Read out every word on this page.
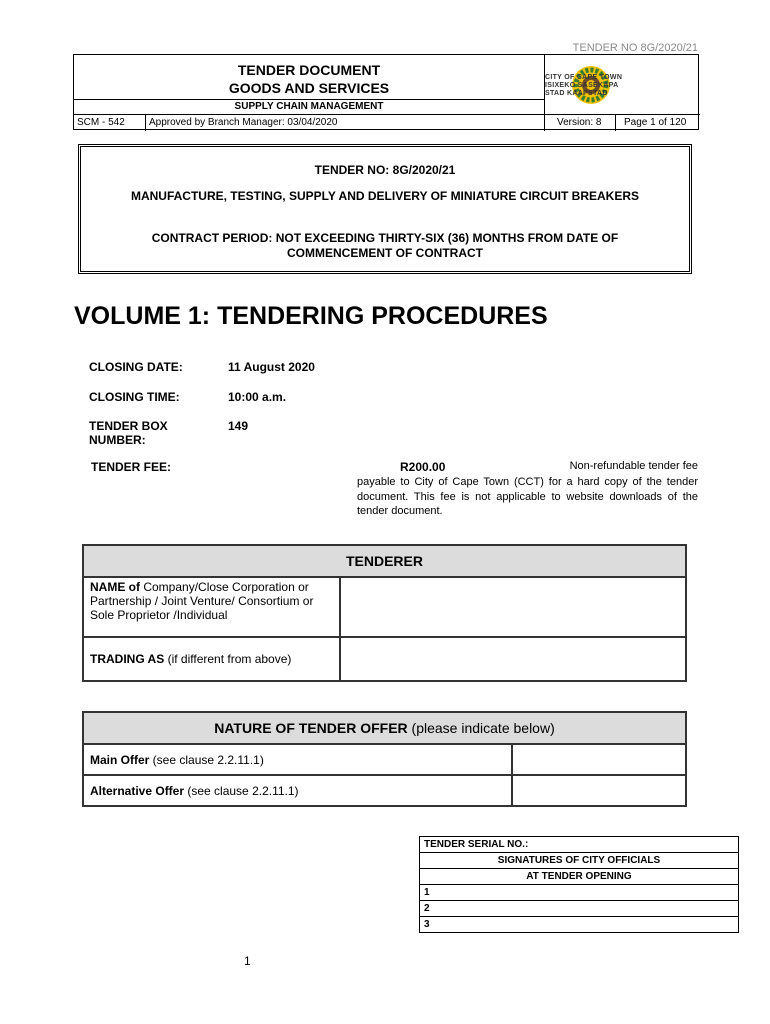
TENDER NO 8G/2020/21
TENDER DOCUMENT
GOODS AND SERVICES
SUPPLY CHAIN MANAGEMENT
SCM - 542	Approved by Branch Manager: 03/04/2020	Version: 8	Page 1 of 120
CITY OF CAPE TOWN
ISIXEKO SASEKAPA
STAD KAAPSTAD
TENDER NO: 8G/2020/21
MANUFACTURE, TESTING, SUPPLY AND DELIVERY OF MINIATURE CIRCUIT BREAKERS
CONTRACT PERIOD: NOT EXCEEDING THIRTY-SIX (36) MONTHS FROM DATE OF COMMENCEMENT OF CONTRACT
VOLUME 1: TENDERING PROCEDURES
CLOSING DATE:	11 August 2020
CLOSING TIME:	10:00 a.m.
TENDER BOX
NUMBER:
149
TENDER FEE:	R200.00	Non-refundable tender fee
payable to City of Cape Town (CCT) for a hard copy of the tender document. This fee is not applicable to website downloads of the tender document.
TENDERER	
NAME of Company/Close Corporation or Partnership / Joint Venture/ Consortium or
Sole Proprietor /Individual	
TRADING AS (if different from above)	
NATURE OF TENDER OFFER (please indicate below)	
Main Offer (see clause 2.2.11.1)	
Alternative Offer (see clause 2.2.11.1)	
TENDER SERIAL NO.:
SIGNATURES OF CITY OFFICIALS
AT TENDER OPENING
1
2
3
1
